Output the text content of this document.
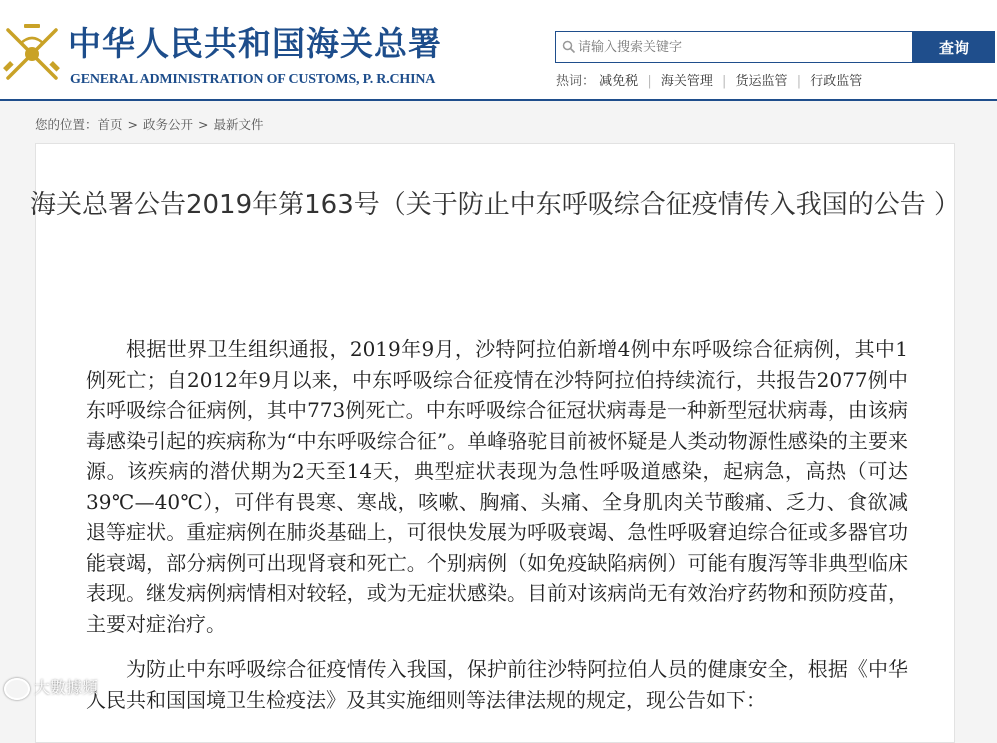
中华人民共和国海关总署
GENERAL ADMINISTRATION OF CUSTOMS, P. R.CHINA
请输入搜索关键字
查询
热词： 减免税 | 海关管理 | 货运监管 | 行政监管
您的位置：首页 > 政务公开 > 最新文件
海关总署公告2019年第163号（关于防止中东呼吸综合征疫情传入我国的公告 ）

根据世界卫生组织通报，2019年9月，沙特阿拉伯新增4例中东呼吸综合征病例，其中1例死亡；自2012年9月以来，中东呼吸综合征疫情在沙特阿拉伯持续流行，共报告2077例中东呼吸综合征病例，其中773例死亡。中东呼吸综合征冠状病毒是一种新型冠状病毒，由该病毒感染引起的疾病称为“中东呼吸综合征”。单峰骆驼目前被怀疑是人类动物源性感染的主要来源。该疾病的潜伏期为2天至14天，典型症状表现为急性呼吸道感染，起病急，高热（可达39℃—40℃），可伴有畏寒、寒战，咳嗽、胸痛、头痛、全身肌肉关节酸痛、乏力、食欲减退等症状。重症病例在肺炎基础上，可很快发展为呼吸衰竭、急性呼吸窘迫综合征或多器官功能衰竭，部分病例可出现肾衰和死亡。个别病例（如免疫缺陷病例）可能有腹泻等非典型临床表现。继发病例病情相对较轻，或为无症状感染。目前对该病尚无有效治疗药物和预防疫苗，主要对症治疗。

为防止中东呼吸综合征疫情传入我国，保护前往沙特阿拉伯人员的健康安全，根据《中华人民共和国国境卫生检疫法》及其实施细则等法律法规的规定，现公告如下：

大數據頻
